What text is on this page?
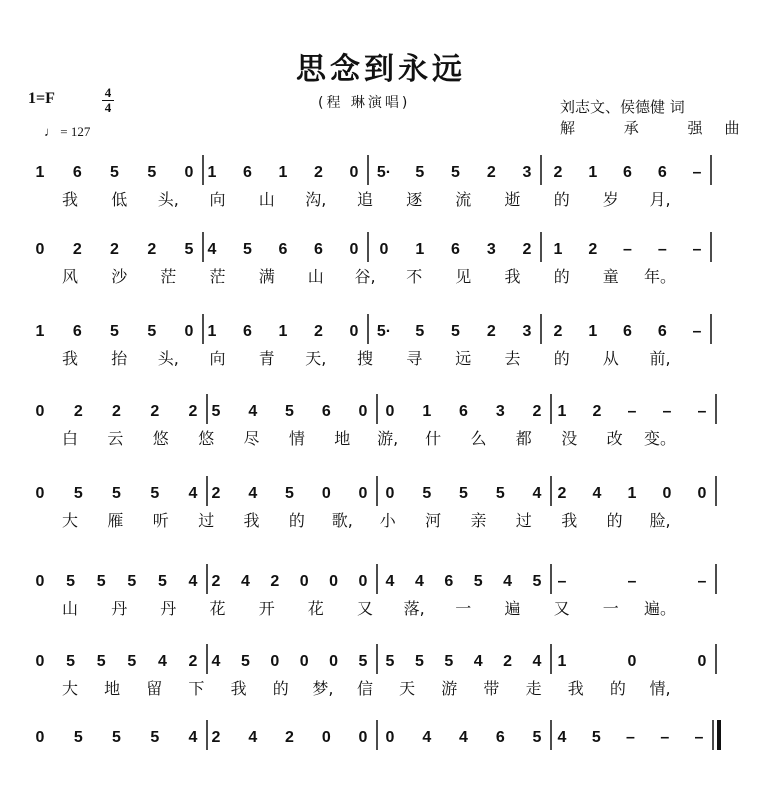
思念到永远
1=F	4
4
♩ = 127
(程 琳演唱)	刘志文、侯德健 词
解 承 强曲
1 6 5 5 0 1 6 1 2 0 5· 5 5 2 3 2 1 6 6 –
我 低 头, 向 山 沟, 追 逐 流 逝 的 岁 月,
0 2 2 2 5 4 5 6 6 0 0 1 6 3 2 1 2 – – –
风 沙 茫 茫 满 山 谷, 不 见 我 的 童 年。
1 6 5 5 0 1 6 1 2 0 5· 5 5 2 3 2 1 6 6 –
我 抬 头, 向 青 天, 搜 寻 远 去 的 从 前,
0 2 2 2 2 5 4 5 6 0 0 1 6 3 2 1 2 – – –
白 云 悠 悠 尽 情 地 游, 什 么 都 没 改 变。
0 5 5 5 4 2 4 5 0 0 0 5 5 5 4 2 4 1 0 0
大 雁 听 过 我 的 歌, 小 河 亲 过 我 的 脸,
0 5 5 5 5 4 2 4 2 0 0 0 4 4 6 5 4 5 –	–	–
山 丹 丹 花 开 花 又 落, 一 遍 又 一 遍。
0 5 5 5 4 2 4 5 0 0 0 5 5 5 5 4 2 4 1	0	0
大 地 留 下 我 的 梦, 信 天 游 带 走 我 的 情,
0 5 5 5 4 2 4 2 0 0 0 4 4 6 5 4 5 – – –
